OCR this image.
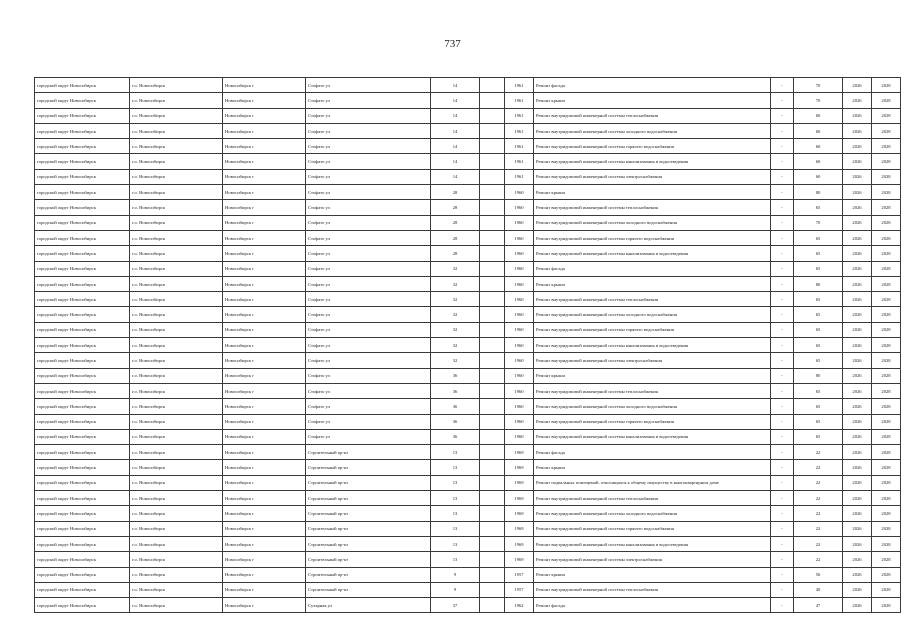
737
городской округ Новосибирск	г.о. Новосибирск	Новосибирск г	Стофато ул	14		1961	Ремонт фасада	-	70	2026	2028
городской округ Новосибирск	г.о. Новосибирск	Новосибирск г	Стофато ул	14		1961	Ремонт крыши	-	70	2026	2028
городской округ Новосибирск	г.о. Новосибирск	Новосибирск г	Стофато ул	14		1961	Ремонт внутридомовой инженерной системы теплоснабжения	-	60	2026	2028
городской округ Новосибирск	г.о. Новосибирск	Новосибирск г	Стофато ул	14		1961	Ремонт внутридомовой инженерной системы холодного водоснабжения	-	60	2026	2028
городской округ Новосибирск	г.о. Новосибирск	Новосибирск г	Стофато ул	14		1961	Ремонт внутридомовой инженерной системы горячего водоснабжения	-	60	2026	2028
городской округ Новосибирск	г.о. Новосибирск	Новосибирск г	Стофато ул	14		1961	Ремонт внутридомовой инженерной системы канализования и водоотведения	-	60	2026	2028
городской округ Новосибирск	г.о. Новосибирск	Новосибирск г	Стофато ул	14		1961	Ремонт внутридомовой инженерной системы электроснабжения	-	60	2026	2028
городской округ Новосибирск	г.о. Новосибирск	Новосибирск г	Стофато ул	28		1960	Ремонт крыши	-	80	2026	2028
городской округ Новосибирск	г.о. Новосибирск	Новосибирск г	Стофато ул	28		1960	Ремонт внутридомовой инженерной системы теплоснабжения	-	65	2026	2028
городской округ Новосибирск	г.о. Новосибирск	Новосибирск г	Стофато ул	28		1960	Ремонт внутридомовой инженерной системы холодного водоснабжения	-	70	2026	2028
городской округ Новосибирск	г.о. Новосибирск	Новосибирск г	Стофато ул	28		1960	Ремонт внутридомовой инженерной системы горячего водоснабжения	-	65	2026	2028
городской округ Новосибирск	г.о. Новосибирск	Новосибирск г	Стофато ул	28		1960	Ремонт внутридомовой инженерной системы канализования и водоотведения	-	65	2026	2028
городской округ Новосибирск	г.о. Новосибирск	Новосибирск г	Стофато ул	32		1960	Ремонт фасада	-	65	2026	2028
городской округ Новосибирск	г.о. Новосибирск	Новосибирск г	Стофато ул	32		1960	Ремонт крыши	-	80	2026	2028
городской округ Новосибирск	г.о. Новосибирск	Новосибирск г	Стофато ул	32		1960	Ремонт внутридомовой инженерной системы теплоснабжения	-	65	2026	2028
городской округ Новосибирск	г.о. Новосибирск	Новосибирск г	Стофато ул	32		1960	Ремонт внутридомовой инженерной системы холодного водоснабжения	-	65	2026	2028
городской округ Новосибирск	г.о. Новосибирск	Новосибирск г	Стофато ул	32		1960	Ремонт внутридомовой инженерной системы горячего водоснабжения	-	65	2026	2028
городской округ Новосибирск	г.о. Новосибирск	Новосибирск г	Стофато ул	32		1960	Ремонт внутридомовой инженерной системы канализования и водоотведения	-	65	2026	2028
городской округ Новосибирск	г.о. Новосибирск	Новосибирск г	Стофато ул	32		1960	Ремонт внутридомовой инженерной системы электроснабжения	-	65	2026	2028
городской округ Новосибирск	г.о. Новосибирск	Новосибирск г	Стофато ул	36		1960	Ремонт крыши	-	80	2026	2028
городской округ Новосибирск	г.о. Новосибирск	Новосибирск г	Стофато ул	36		1960	Ремонт внутридомовой инженерной системы теплоснабжения	-	65	2026	2028
городской округ Новосибирск	г.о. Новосибирск	Новосибирск г	Стофато ул	36		1960	Ремонт внутридомовой инженерной системы холодного водоснабжения	-	65	2026	2028
городской округ Новосибирск	г.о. Новосибирск	Новосибирск г	Стофато ул	36		1960	Ремонт внутридомовой инженерной системы горячего водоснабжения	-	65	2026	2028
городской округ Новосибирск	г.о. Новосибирск	Новосибирск г	Стофато ул	36		1960	Ремонт внутридомовой инженерной системы канализования и водоотведения	-	65	2026	2028
городской округ Новосибирск	г.о. Новосибирск	Новосибирск г	Строительный пр-кт	13		1969	Ремонт фасада	-	22	2026	2028
городской округ Новосибирск	г.о. Новосибирск	Новосибирск г	Строительный пр-кт	13		1969	Ремонт крыши	-	22	2026	2028
городской округ Новосибирск	г.о. Новосибирск	Новосибирск г	Строительный пр-кт	13		1969	Ремонт подвальных помещений, относящихся к общему имуществу в многоквартирном доме	-	22	2026	2028
городской округ Новосибирск	г.о. Новосибирск	Новосибирск г	Строительный пр-кт	13		1969	Ремонт внутридомовой инженерной системы теплоснабжения	-	22	2026	2028
городской округ Новосибирск	г.о. Новосибирск	Новосибирск г	Строительный пр-кт	13		1969	Ремонт внутридомовой инженерной системы холодного водоснабжения	-	22	2026	2028
городской округ Новосибирск	г.о. Новосибирск	Новосибирск г	Строительный пр-кт	13		1969	Ремонт внутридомовой инженерной системы горячего водоснабжения	-	22	2026	2028
городской округ Новосибирск	г.о. Новосибирск	Новосибирск г	Строительный пр-кт	13		1969	Ремонт внутридомовой инженерной системы канализования и водоотведения	-	22	2026	2028
городской округ Новосибирск	г.о. Новосибирск	Новосибирск г	Строительный пр-кт	13		1969	Ремонт внутридомовой инженерной системы электроснабжения	-	22	2026	2028
городской округ Новосибирск	г.о. Новосибирск	Новосибирск г	Строительный пр-кт	9		1957	Ремонт крыши	-	56	2026	2028
городской округ Новосибирск	г.о. Новосибирск	Новосибирск г	Строительный пр-кт	9		1957	Ремонт внутридомовой инженерной системы теплоснабжения	-	40	2026	2028
городской округ Новосибирск	г.о. Новосибирск	Новосибирск г	Сухарная ул	37		1962	Ремонт фасада	-	47	2026	2028
